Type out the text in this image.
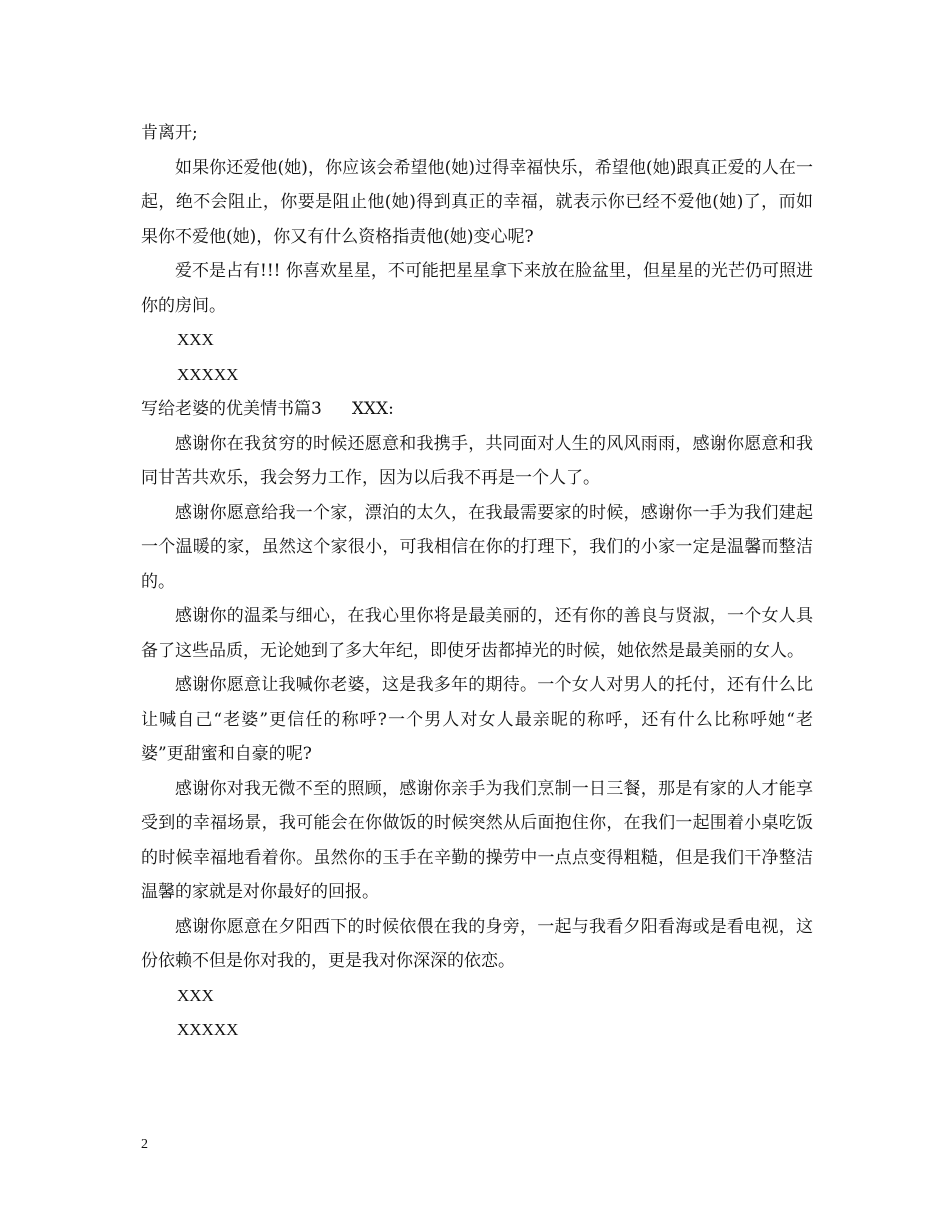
肯离开;

如果你还爱他(她)，你应该会希望他(她)过得幸福快乐，希望他(她)跟真正爱的人在一起，绝不会阻止，你要是阻止他(她)得到真正的幸福，就表示你已经不爱他(她)了，而如果你不爱他(她)，你又有什么资格指责他(她)变心呢?

爱不是占有!!! 你喜欢星星，不可能把星星拿下来放在脸盆里，但星星的光芒仍可照进你的房间。

XXX

XXXXX

写给老婆的优美情书篇3 XXX:

感谢你在我贫穷的时候还愿意和我携手，共同面对人生的风风雨雨，感谢你愿意和我同甘苦共欢乐，我会努力工作，因为以后我不再是一个人了。

感谢你愿意给我一个家，漂泊的太久，在我最需要家的时候，感谢你一手为我们建起一个温暖的家，虽然这个家很小，可我相信在你的打理下，我们的小家一定是温馨而整洁的。

感谢你的温柔与细心，在我心里你将是最美丽的，还有你的善良与贤淑，一个女人具备了这些品质，无论她到了多大年纪，即使牙齿都掉光的时候，她依然是最美丽的女人。

感谢你愿意让我喊你老婆，这是我多年的期待。一个女人对男人的托付，还有什么比让喊自己“老婆”更信任的称呼?一个男人对女人最亲昵的称呼，还有什么比称呼她“老婆”更甜蜜和自豪的呢?

感谢你对我无微不至的照顾，感谢你亲手为我们烹制一日三餐，那是有家的人才能享受到的幸福场景，我可能会在你做饭的时候突然从后面抱住你，在我们一起围着小桌吃饭的时候幸福地看着你。虽然你的玉手在辛勤的操劳中一点点变得粗糙，但是我们干净整洁温馨的家就是对你最好的回报。

感谢你愿意在夕阳西下的时候依偎在我的身旁，一起与我看夕阳看海或是看电视，这份依赖不但是你对我的，更是我对你深深的依恋。

XXX

XXXXX

2
